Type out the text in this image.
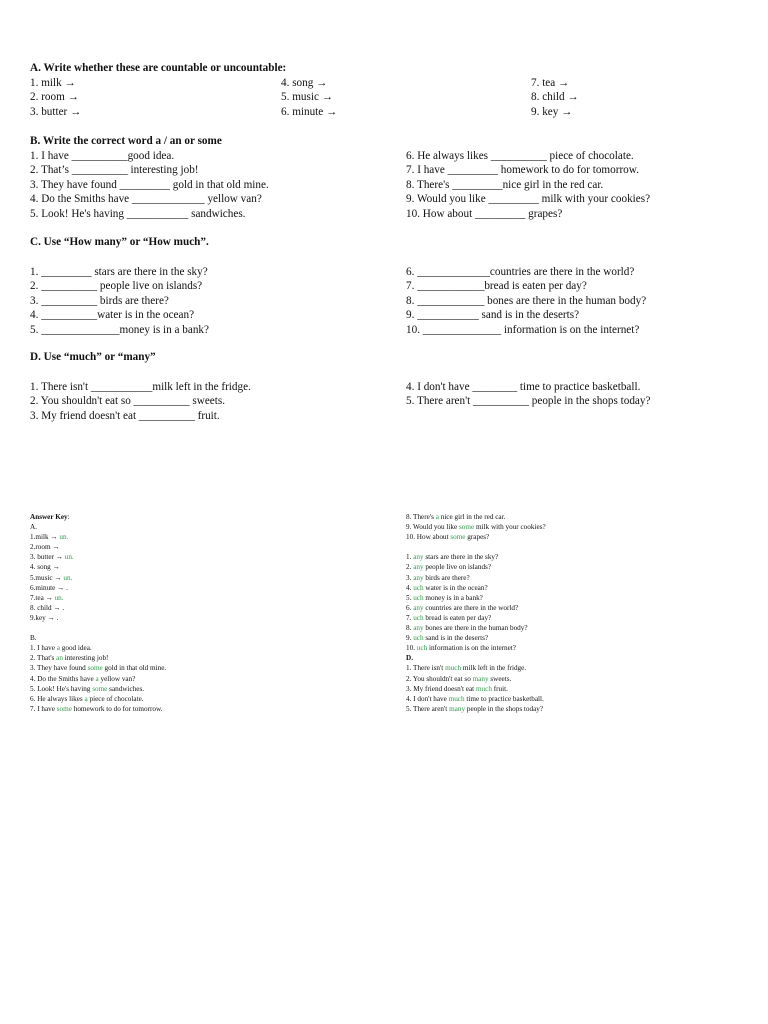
A. Write whether these are countable or uncountable:
1. milk →
2. room →
3. butter →
4. song →
5. music →
6. minute →
7. tea →
8. child →
9. key →
B. Write the correct word a / an or some
1. I have __________good idea.
2. That’s __________ interesting job!
3. They have found _________ gold in that old mine.
4. Do the Smiths have _____________ yellow van?
5. Look! He's having ___________ sandwiches.
6. He always likes __________ piece of chocolate.
7. I have _________ homework to do for tomorrow.
8. There's _________nice girl in the red car.
9. Would you like _________ milk with your cookies?
10. How about _________ grapes?
C. Use “How many” or “How much”.
1. _________ stars are there in the sky?
2. __________ people live on islands?
3. __________ birds are there?
4. __________water is in the ocean?
5. ______________money is in a bank?
6. _____________countries are there in the world?
7. ____________bread is eaten per day?
8. ____________ bones are there in the human body?
9. ___________ sand is in the deserts?
10. ______________ information is on the internet?
D. Use “much” or “many”
1. There isn't ___________milk left in the fridge.
2. You shouldn't eat so __________ sweets.
3. My friend doesn't eat __________ fruit.
4. I don't have ________ time to practice basketball.
5. There aren't __________ people in the shops today?
Answer Key:
A.
1.milk → un.
2.room →
3. butter → un.
4. song →
5.music → un.
6.minute → .
7.tea → un.
8. child → .
9.key → .

B.
1. I have a good idea.
2. That's an interesting job!
3. They have found some gold in that old mine.
4. Do the Smiths have a yellow van?
5. Look! He's having some sandwiches.
6. He always likes a piece of chocolate.
7. I have some homework to do for tomorrow.
8. There's a nice girl in the red car.
9. Would you like some milk with your cookies?
10. How about some grapes?

1. any stars are there in the sky?
2. any people live on islands?
3. any birds are there?
4. uch water is in the ocean?
5. uch money is in a bank?
6. any countries are there in the world?
7. uch bread is eaten per day?
8. any bones are there in the human body?
9. uch sand is in the deserts?
10. uch information is on the internet?
D.
1. There isn't much milk left in the fridge.
2. You shouldn't eat so many sweets.
3. My friend doesn't eat much fruit.
4. I don't have much time to practice basketball.
5. There aren't many people in the shops today?
